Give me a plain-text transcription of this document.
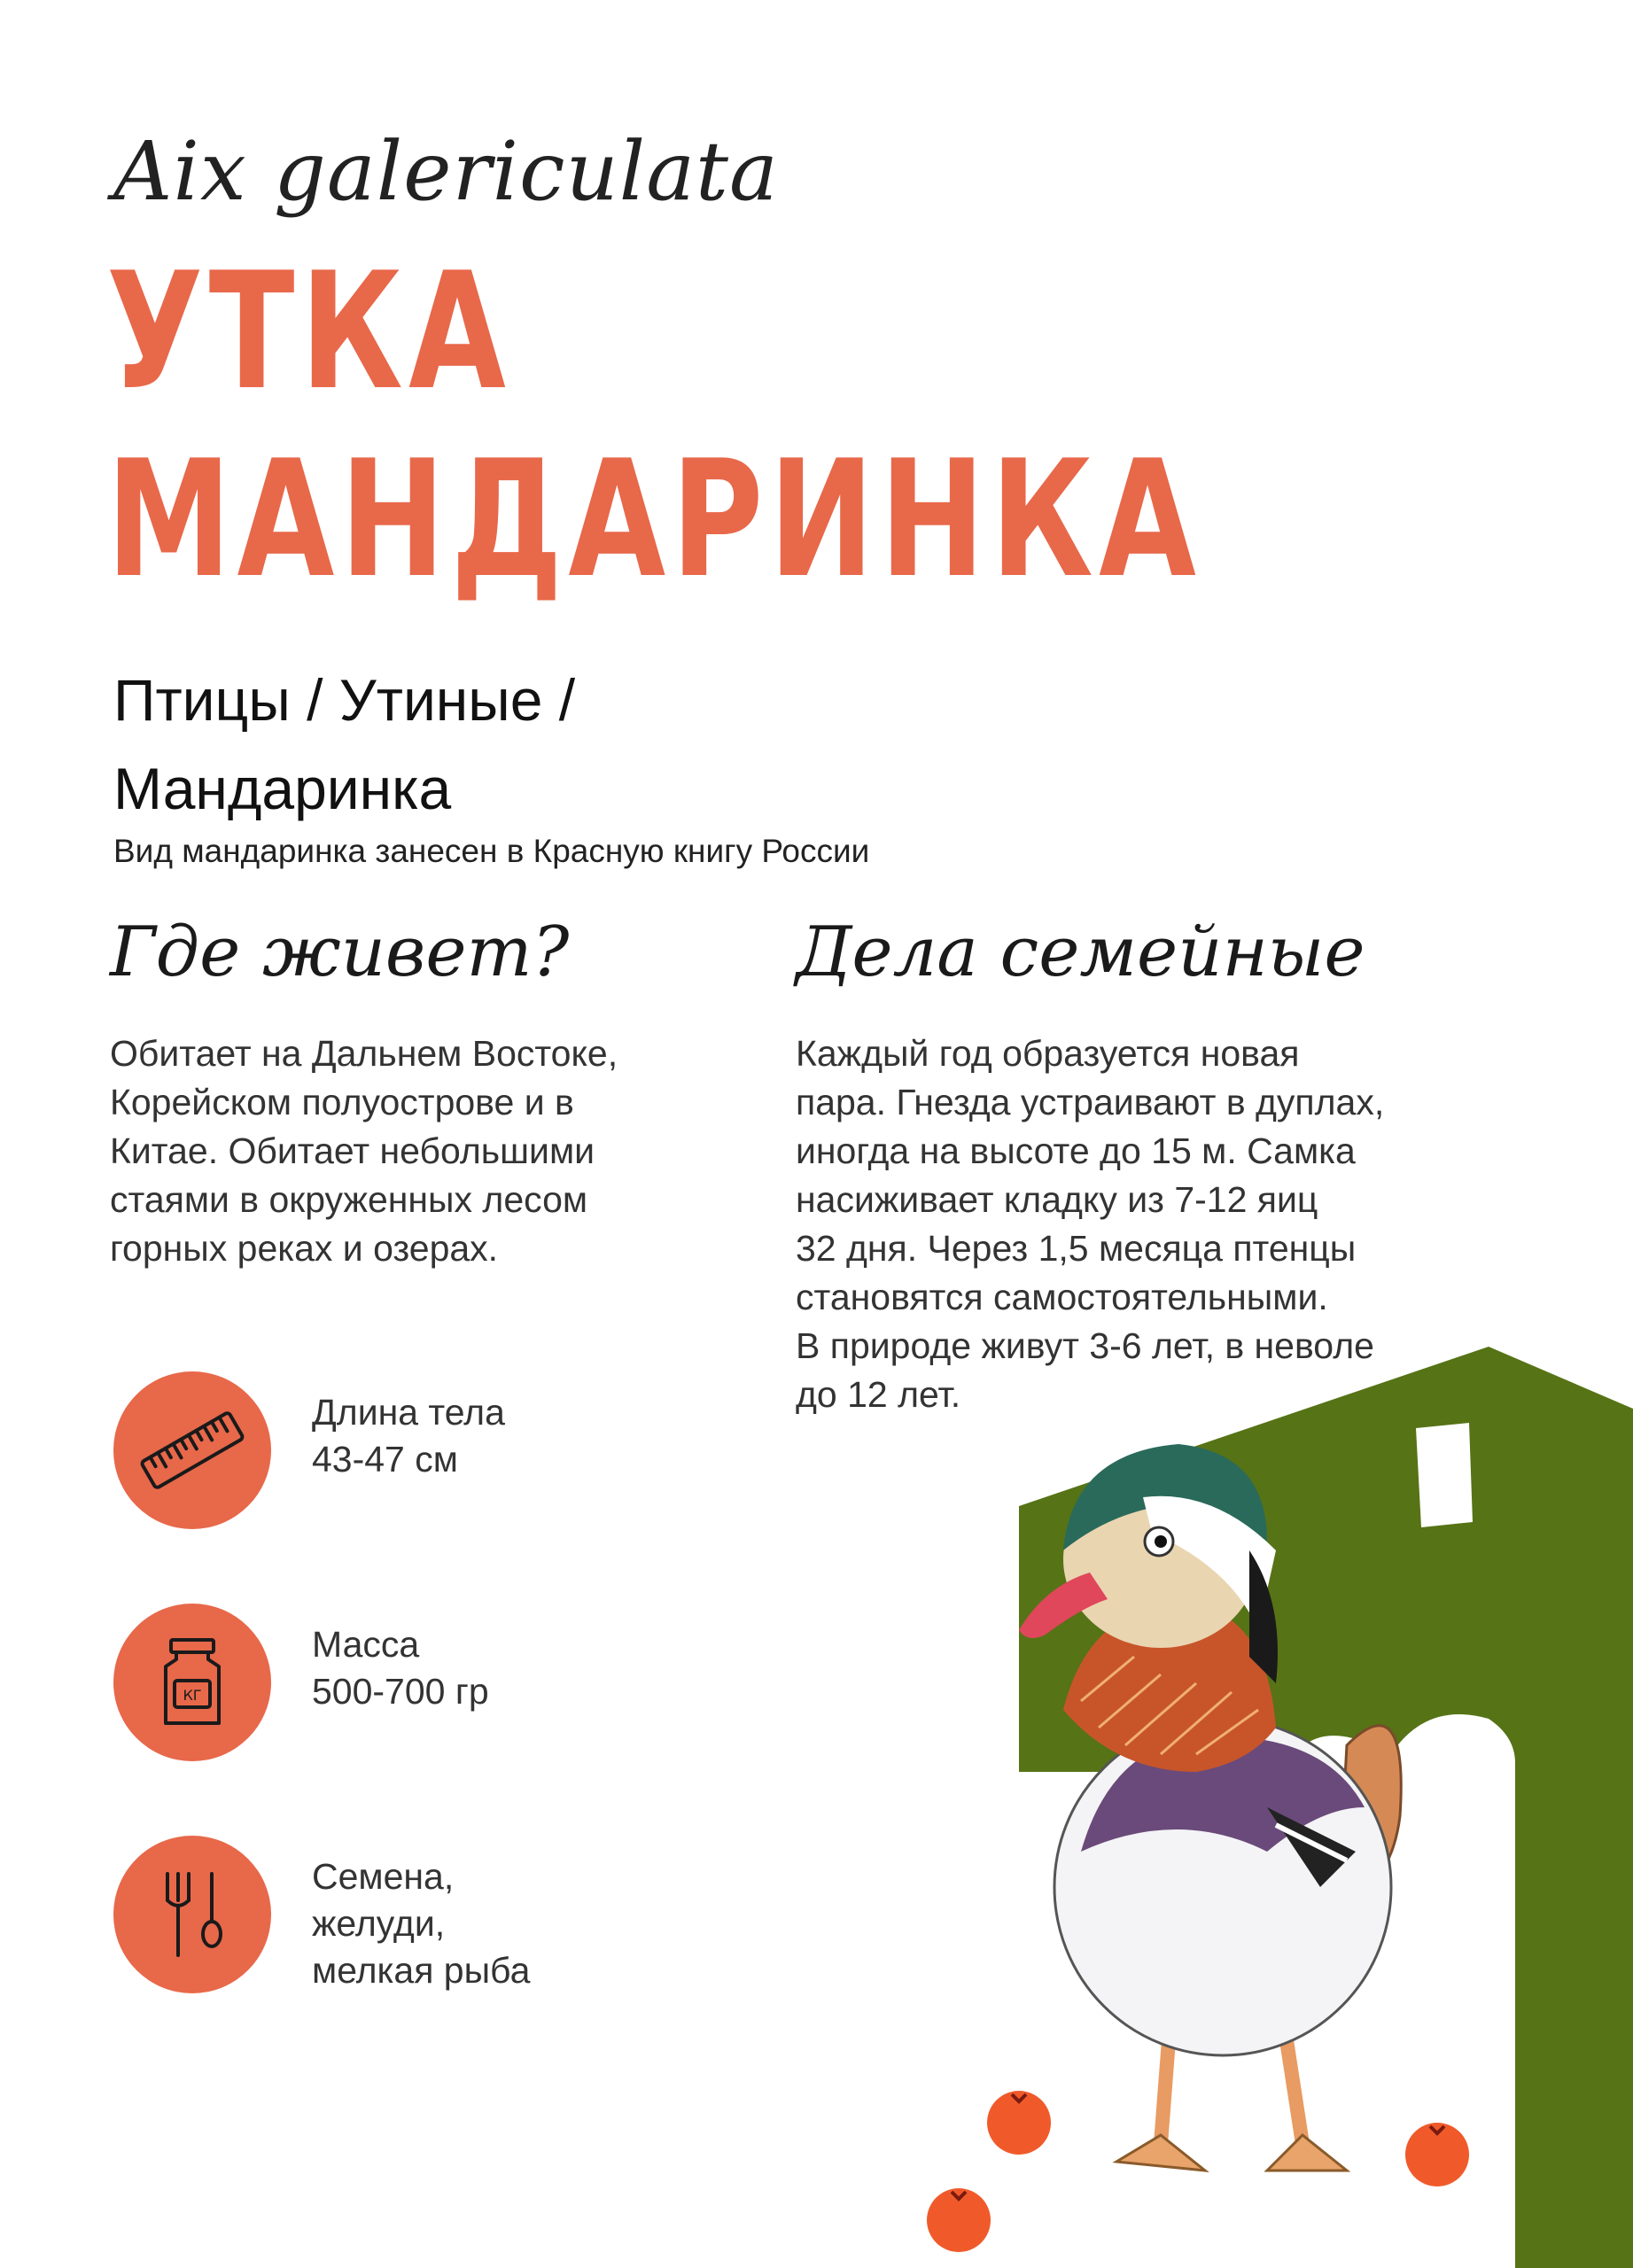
Aix galericulata
УТКА
МАНДАРИНКА
Птицы / Утиные /
Мандаринка
Вид мандаринка занесен в Красную книгу России
Где живет?
Обитает на Дальнем Востоке,
Корейском полуострове и в
Китае. Обитает небольшими
стаями в окруженных лесом
горных реках и озерах.
Дела семейные
Каждый год образуется новая
пара. Гнезда устраивают в дуплах,
иногда на высоте до 15 м. Самка
насиживает кладку из 7-12 яиц
32 дня. Через 1,5 месяца птенцы
становятся самостоятельными.
В природе живут 3-6 лет, в неволе
до 12 лет.
Длина тела
43-47 см
КГ
Масса
500-700 гр
Семена,
желуди,
мелкая рыба
